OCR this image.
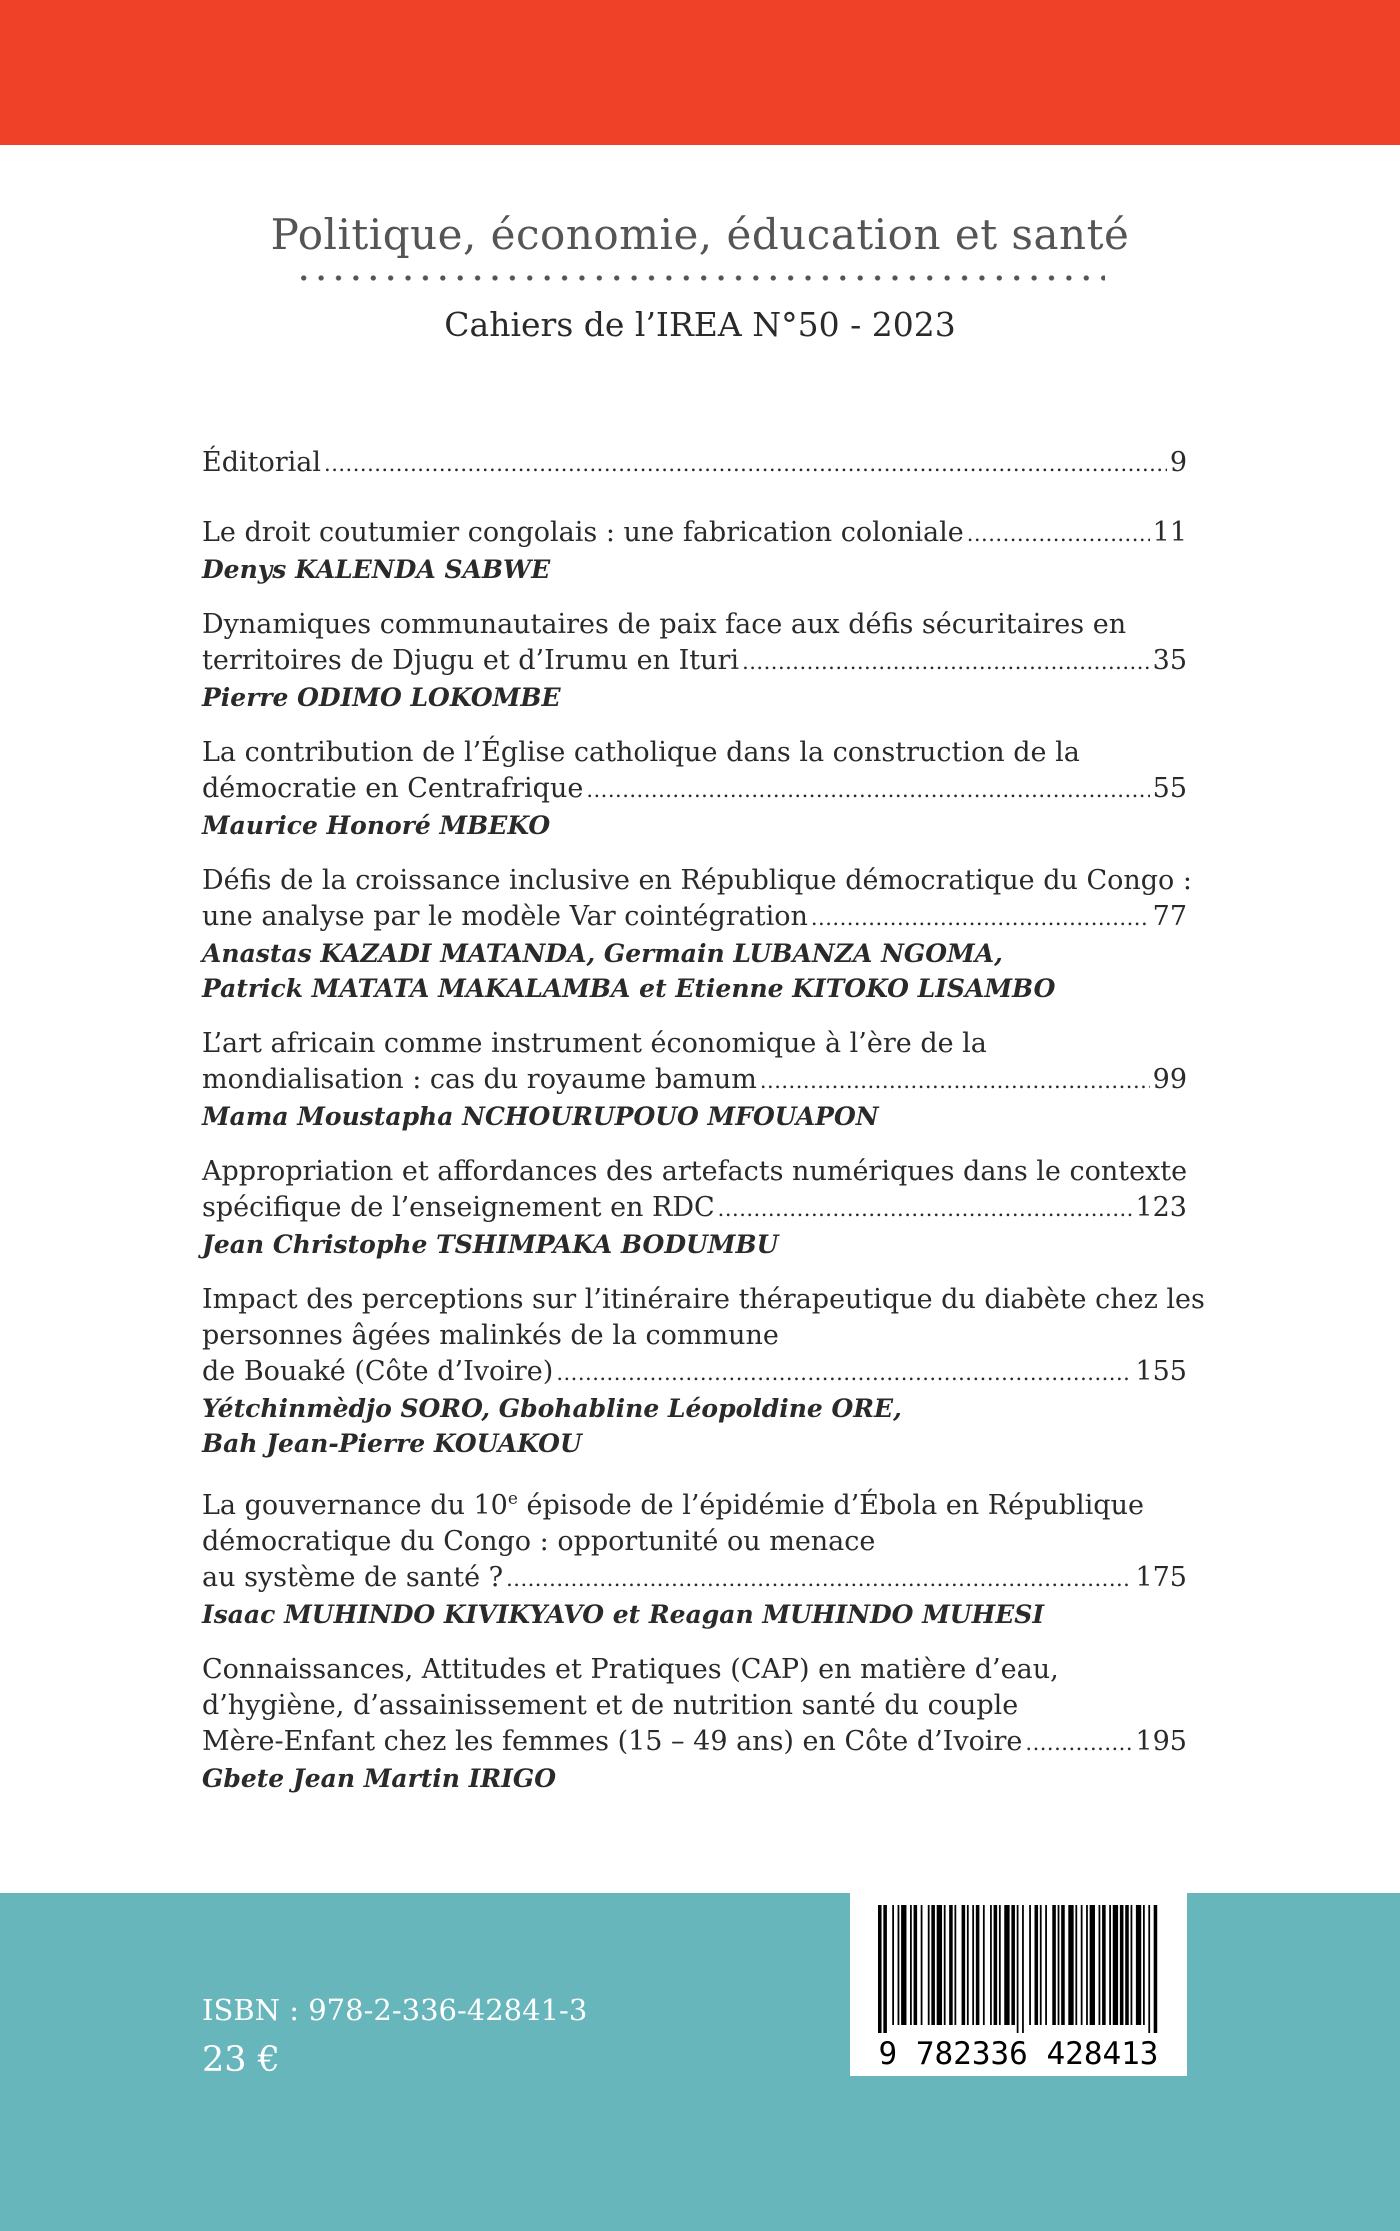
Politique, économie, éducation et santé
Cahiers de l’IREA N°50 - 2023
Éditorial .....	9
Le droit coutumier congolais : une fabrication coloniale .....	11
Denys KALENDA SABWE
Dynamiques communautaires de paix face aux défis sécuritaires en
territoires de Djugu et d’Irumu en Ituri .....	35
Pierre ODIMO LOKOMBE
La contribution de l’Église catholique dans la construction de la
démocratie en Centrafrique .....	55
Maurice Honoré MBEKO
Défis de la croissance inclusive en République démocratique du Congo :
une analyse par le modèle Var cointégration .....	77
Anastas KAZADI MATANDA, Germain LUBANZA NGOMA,
Patrick MATATA MAKALAMBA et Etienne KITOKO LISAMBO
L’art africain comme instrument économique à l’ère de la
mondialisation : cas du royaume bamum .....	99
Mama Moustapha NCHOURUPOUO MFOUAPON
Appropriation et affordances des artefacts numériques dans le contexte
spécifique de l’enseignement en RDC .....	123
Jean Christophe TSHIMPAKA BODUMBU
Impact des perceptions sur l’itinéraire thérapeutique du diabète chez les
personnes âgées malinkés de la commune
de Bouaké (Côte d’Ivoire) .....	155
Yétchinmèdjo SORO, Gbohabline Léopoldine ORE,
Bah Jean-Pierre KOUAKOU
La gouvernance du 10e épisode de l’épidémie d’Ébola en République
démocratique du Congo : opportunité ou menace
au système de santé ? .....	175
Isaac MUHINDO KIVIKYAVO et Reagan MUHINDO MUHESI
Connaissances, Attitudes et Pratiques (CAP) en matière d’eau,
d’hygiène, d’assainissement et de nutrition santé du couple
Mère-Enfant chez les femmes (15 – 49 ans) en Côte d’Ivoire .....	195
Gbete Jean Martin IRIGO
ISBN : 978-2-336-42841-3
23 €	9 782336 428413
